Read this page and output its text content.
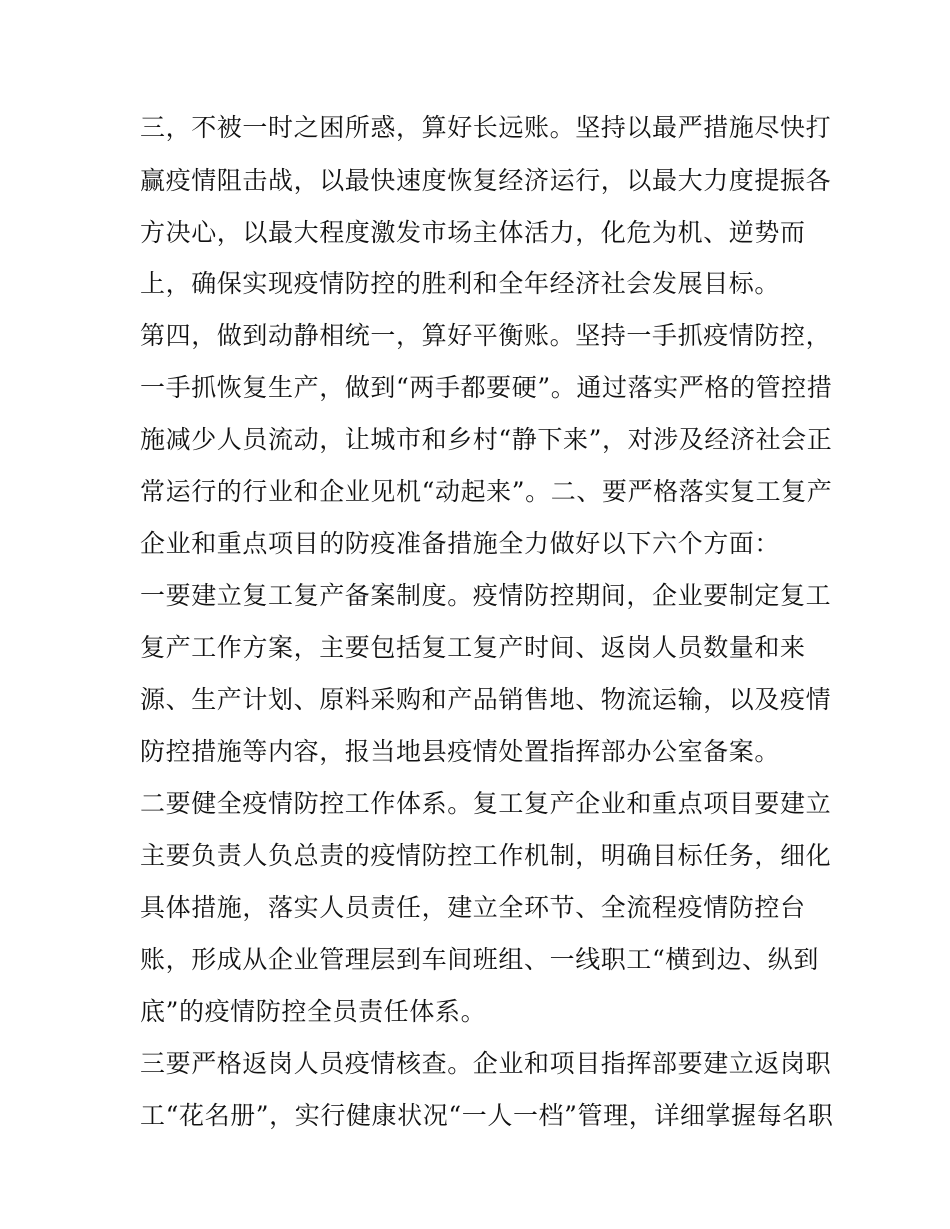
三，不被一时之困所惑，算好长远账。坚持以最严措施尽快打
赢疫情阻击战，以最快速度恢复经济运行，以最大力度提振各
方决心，以最大程度激发市场主体活力，化危为机、逆势而
上，确保实现疫情防控的胜利和全年经济社会发展目标。
第四，做到动静相统一，算好平衡账。坚持一手抓疫情防控，
一手抓恢复生产，做到“两手都要硬”。通过落实严格的管控措
施减少人员流动，让城市和乡村“静下来”，对涉及经济社会正
常运行的行业和企业见机“动起来”。二、要严格落实复工复产
企业和重点项目的防疫准备措施全力做好以下六个方面：
一要建立复工复产备案制度。疫情防控期间，企业要制定复工
复产工作方案，主要包括复工复产时间、返岗人员数量和来
源、生产计划、原料采购和产品销售地、物流运输，以及疫情
防控措施等内容，报当地县疫情处置指挥部办公室备案。
二要健全疫情防控工作体系。复工复产企业和重点项目要建立
主要负责人负总责的疫情防控工作机制，明确目标任务，细化
具体措施，落实人员责任，建立全环节、全流程疫情防控台
账，形成从企业管理层到车间班组、一线职工“横到边、纵到
底”的疫情防控全员责任体系。
三要严格返岗人员疫情核查。企业和项目指挥部要建立返岗职
工“花名册”，实行健康状况“一人一档”管理，详细掌握每名职
